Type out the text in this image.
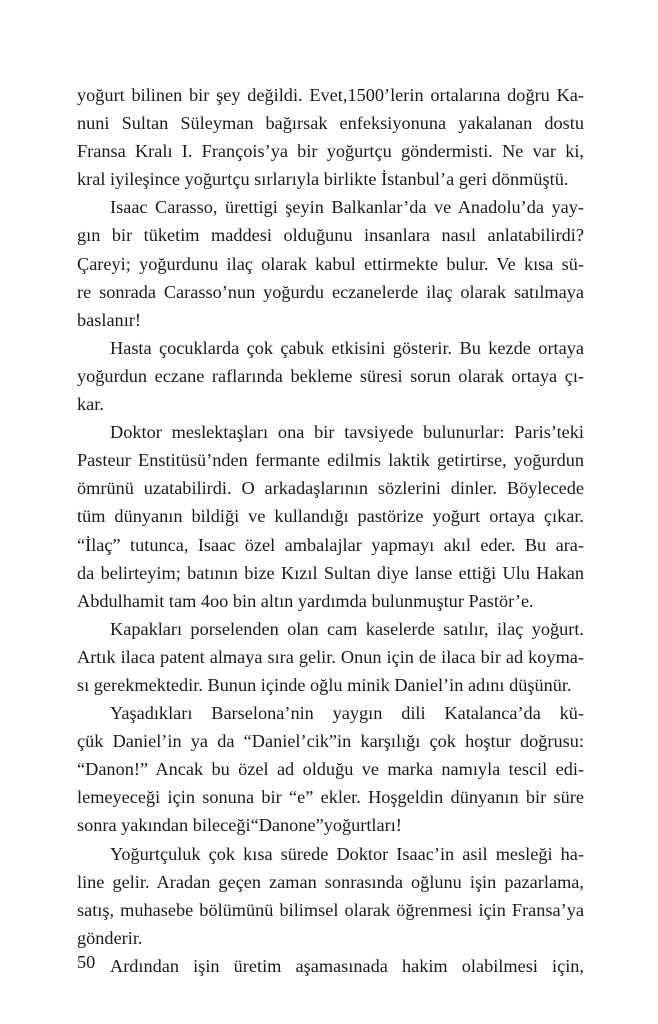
yoğurt bilinen bir şey değildi. Evet,1500’lerin ortalarına doğru Ka-
nuni Sultan Süleyman bağırsak enfeksiyonuna yakalanan dostu
Fransa Kralı I. François’ya bir yoğurtçu göndermisti. Ne var ki,
kral iyileşince yoğurtçu sırlarıyla birlikte İstanbul’a geri dönmüştü.
Isaac Carasso, ürettigi şeyin Balkanlar’da ve Anadolu’da yay-
gın bir tüketim maddesi olduğunu insanlara nasıl anlatabilirdi?
Çareyi; yoğurdunu ilaç olarak kabul ettirmekte bulur. Ve kısa sü-
re sonrada Carasso’nun yoğurdu eczanelerde ilaç olarak satılmaya
baslanır!
Hasta çocuklarda çok çabuk etkisini gösterir. Bu kezde ortaya
yoğurdun eczane raflarında bekleme süresi sorun olarak ortaya çı-
kar.
Doktor meslektaşları ona bir tavsiyede bulunurlar: Paris’teki
Pasteur Enstitüsü’nden fermante edilmis laktik getirtirse, yoğurdun
ömrünü uzatabilirdi. O arkadaşlarının sözlerini dinler. Böylecede
tüm dünyanın bildiği ve kullandığı pastörize yoğurt ortaya çıkar.
“İlaç” tutunca, Isaac özel ambalajlar yapmayı akıl eder. Bu ara-
da belirteyim; batının bize Kızıl Sultan diye lanse ettiği Ulu Hakan
Abdulhamit tam 4oo bin altın yardımda bulunmuştur Pastör’e.
Kapakları porselenden olan cam kaselerde satılır, ilaç yoğurt.
Artık ilaca patent almaya sıra gelir. Onun için de ilaca bir ad koyma-
sı gerekmektedir. Bunun içinde oğlu minik Daniel’in adını düşünür.
Yaşadıkları Barselona’nin yaygın dili Katalanca’da kü-
çük Daniel’in ya da “Daniel’cik”in karşılığı çok hoştur doğrusu:
“Danon!” Ancak bu özel ad olduğu ve marka namıyla tescil edi-
lemeyeceği için sonuna bir “e” ekler. Hoşgeldin dünyanın bir süre
sonra yakından bileceği“Danone”yoğurtları!
Yoğurtçuluk çok kısa sürede Doktor Isaac’in asil mesleği ha-
line gelir. Aradan geçen zaman sonrasında oğlunu işin pazarlama,
satış, muhasebe bölümünü bilimsel olarak öğrenmesi için Fransa’ya
gönderir.
Ardından işin üretim aşamasınada hakim olabilmesi için,
50
